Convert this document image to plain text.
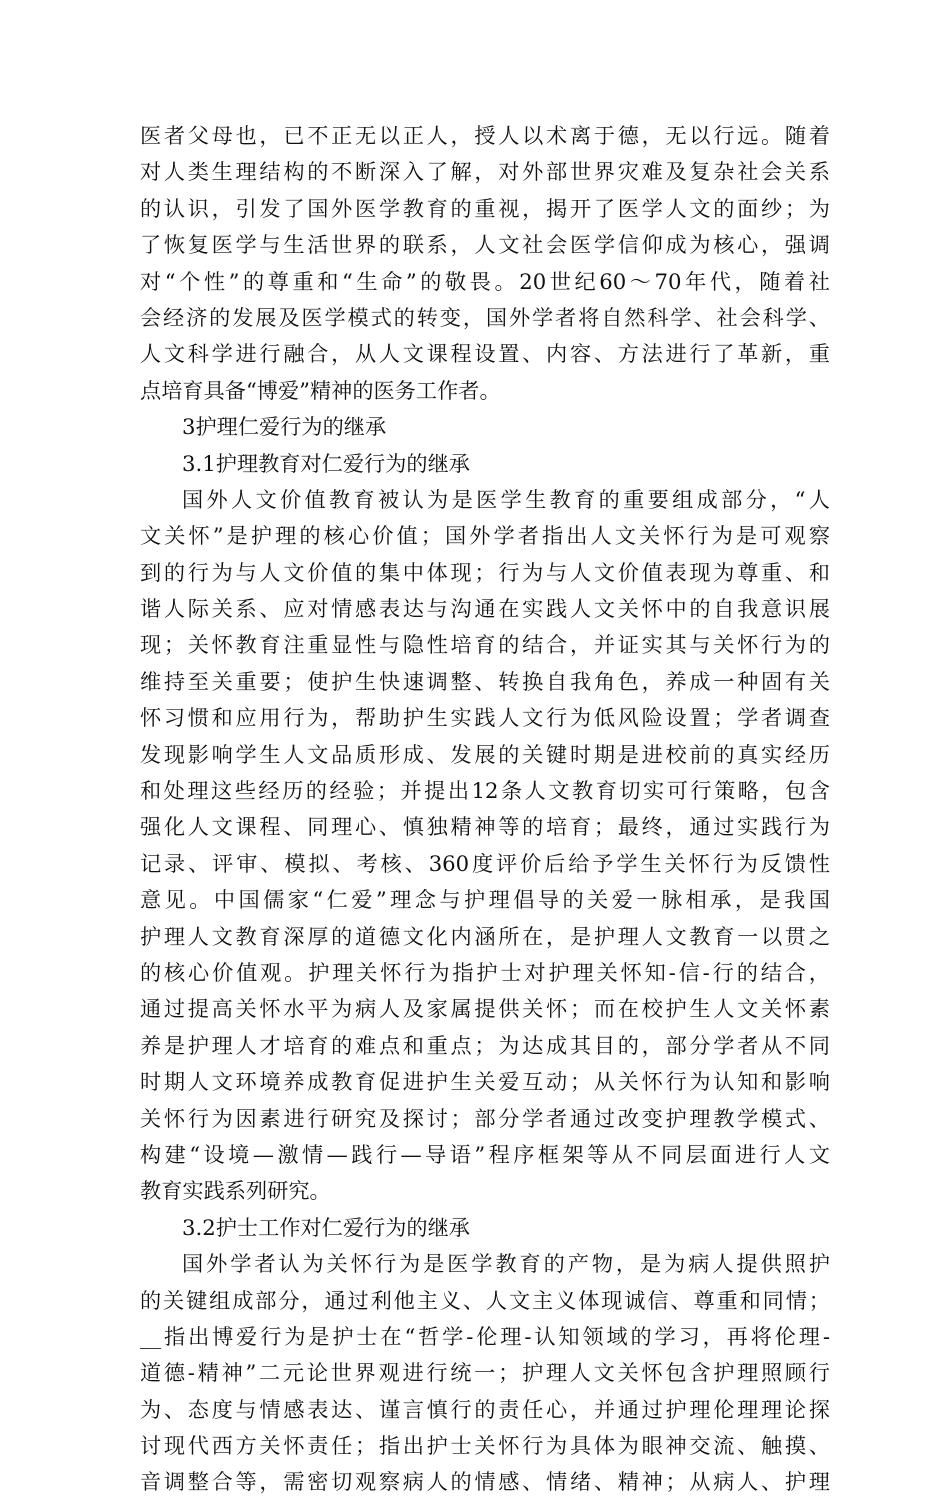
医者父母也，已不正无以正人，授人以术离于德，无以行远。随着
对人类生理结构的不断深入了解，对外部世界灾难及复杂社会关系
的认识，引发了国外医学教育的重视，揭开了医学人文的面纱；为
了恢复医学与生活世界的联系，人文社会医学信仰成为核心，强调
对“个性”的尊重和“生命”的敬畏。20世纪60～70年代，随着社
会经济的发展及医学模式的转变，国外学者将自然科学、社会科学、
人文科学进行融合，从人文课程设置、内容、方法进行了革新，重
点培育具备“博爱”精神的医务工作者。
3护理仁爱行为的继承
3.1护理教育对仁爱行为的继承
国外人文价值教育被认为是医学生教育的重要组成部分，“人
文关怀”是护理的核心价值；国外学者指出人文关怀行为是可观察
到的行为与人文价值的集中体现；行为与人文价值表现为尊重、和
谐人际关系、应对情感表达与沟通在实践人文关怀中的自我意识展
现；关怀教育注重显性与隐性培育的结合，并证实其与关怀行为的
维持至关重要；使护生快速调整、转换自我角色，养成一种固有关
怀习惯和应用行为，帮助护生实践人文行为低风险设置；学者调查
发现影响学生人文品质形成、发展的关键时期是进校前的真实经历
和处理这些经历的经验；并提出12条人文教育切实可行策略，包含
强化人文课程、同理心、慎独精神等的培育；最终，通过实践行为
记录、评审、模拟、考核、360度评价后给予学生关怀行为反馈性
意见。中国儒家“仁爱”理念与护理倡导的关爱一脉相承，是我国
护理人文教育深厚的道德文化内涵所在，是护理人文教育一以贯之
的核心价值观。护理关怀行为指护士对护理关怀知-信-行的结合，
通过提高关怀水平为病人及家属提供关怀；而在校护生人文关怀素
养是护理人才培育的难点和重点；为达成其目的，部分学者从不同
时期人文环境养成教育促进护生关爱互动；从关怀行为认知和影响
关怀行为因素进行研究及探讨；部分学者通过改变护理教学模式、
构建“设境—激情—践行—导语”程序框架等从不同层面进行人文
教育实践系列研究。
3.2护士工作对仁爱行为的继承
国外学者认为关怀行为是医学教育的产物，是为病人提供照护
的关键组成部分，通过利他主义、人文主义体现诚信、尊重和同情；
__指出博爱行为是护士在“哲学-伦理-认知领域的学习，再将伦理-
道德-精神”二元论世界观进行统一；护理人文关怀包含护理照顾行
为、态度与情感表达、谨言慎行的责任心，并通过护理伦理理论探
讨现代西方关怀责任；指出护士关怀行为具体为眼神交流、触摸、
音调整合等，需密切观察病人的情感、情绪、精神；从病人、护理
